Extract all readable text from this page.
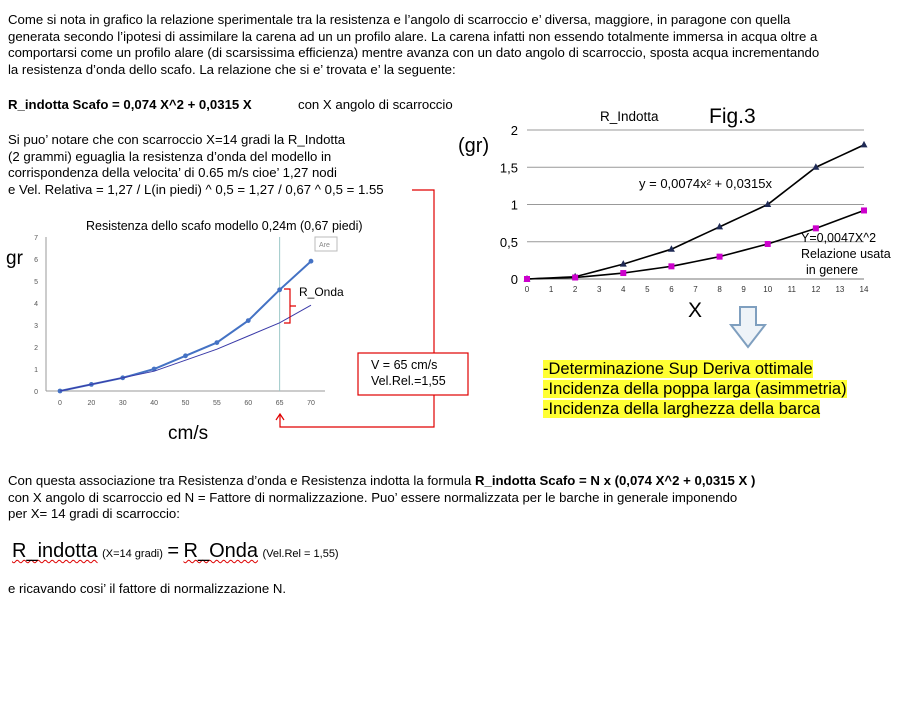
Come si nota in grafico la relazione sperimentale tra la resistenza e l’angolo di scarroccio e’ diversa, maggiore, in paragone con quella
generata secondo l’ipotesi di assimilare la carena ad un un profilo alare. La carena infatti non essendo totalmente immersa in acqua oltre a
comportarsi come un profilo alare (di scarsissima efficienza) mentre avanza con un dato angolo di scarroccio, sposta acqua incrementando
la resistenza d’onda dello scafo. La relazione che si e’ trovata e’ la seguente:
R_indotta Scafo = 0,074 X^2 + 0,0315 X	con X angolo di scarroccio
Si puo’ notare che con scarroccio X=14 gradi la R_Indotta
(2 grammi) eguaglia la resistenza d’onda del modello in
corrispondenza della velocita’ di 0.65 m/s cioe’ 1,27 nodi
e Vel. Relativa = 1,27 / L(in piedi) ^ 0,5 = 1,27 / 0,67 ^ 0,5 = 1.55
Resistenza dello scafo modello 0,24m (0,67 piedi)
gr
0
1
2
3
4
5
6
7
0	20	30	40	50	55	60	65	70
Are
R_Onda
cm/s
V = 65 cm/s
Vel.Rel.=1,55
R_Indotta Fig.3
(gr)
0
0,5
1
1,5
2
0 1 2 3 4 5 6 7 8 9 10 11 12 13 14
y = 0,0074x² + 0,0315x
Y=0,0047X^2
Relazione usata
in genere
X
-Determinazione Sup Deriva ottimale
-Incidenza della poppa larga (asimmetria)
-Incidenza della larghezza della barca
Con questa associazione tra Resistenza d’onda e Resistenza indotta la formula R_indotta Scafo = N x (0,074 X^2 + 0,0315 X )
con X angolo di scarroccio ed N = Fattore di normalizzazione. Puo’ essere normalizzata per le barche in generale imponendo
per X= 14 gradi di scarroccio:
R_indotta (X=14 gradi) = R_Onda (Vel.Rel = 1,55)
e ricavando cosi’ il fattore di normalizzazione N.
